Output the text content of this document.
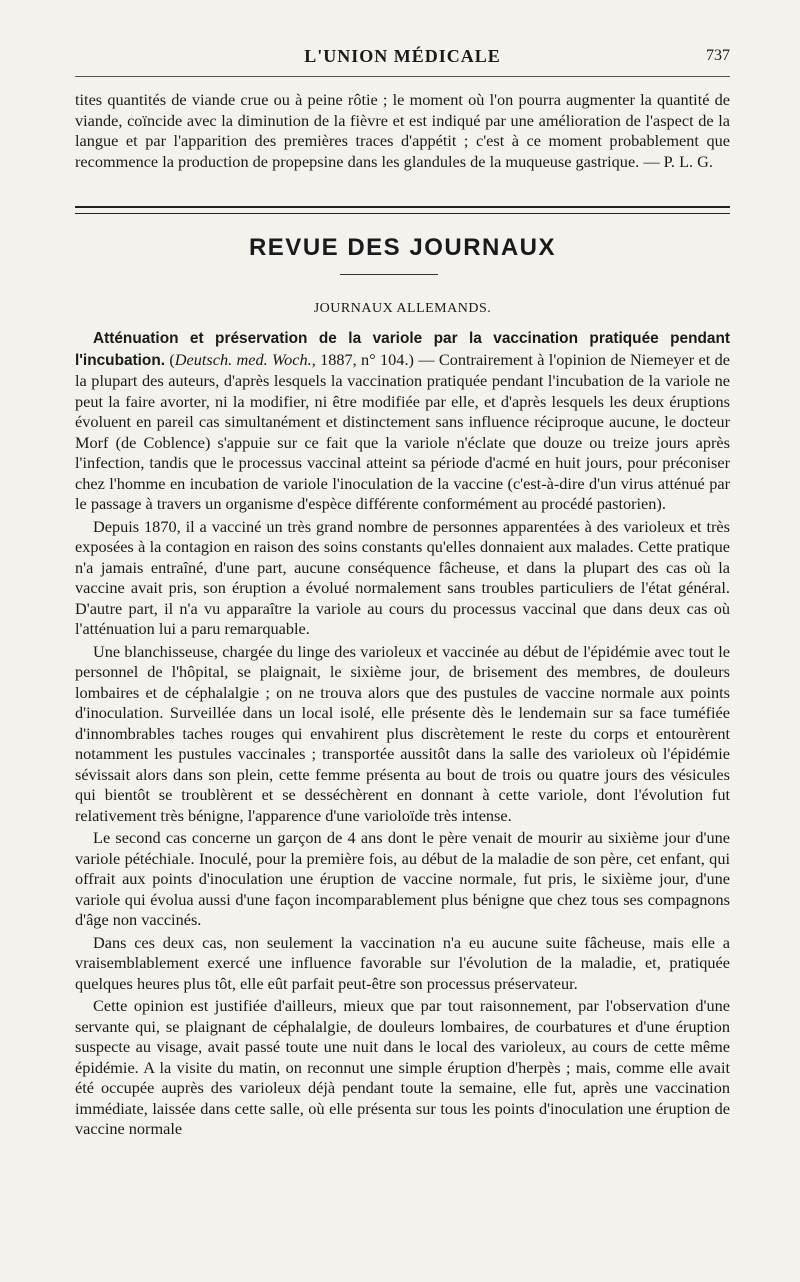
L'UNION MÉDICALE	737

tites quantités de viande crue ou à peine rôtie ; le moment où l'on pourra augmenter la quantité de viande, coïncide avec la diminution de la fièvre et est indiqué par une amélioration de l'aspect de la langue et par l'apparition des premières traces d'appétit ; c'est à ce moment probablement que recommence la production de propepsine dans les glandules de la muqueuse gastrique. — P. L. G.

REVUE DES JOURNAUX
JOURNAUX ALLEMANDS.

Atténuation et préservation de la variole par la vaccination pratiquée pendant l'incubation. (Deutsch. med. Woch., 1887, n° 104.) — Contrairement à l'opinion de Niemeyer et de la plupart des auteurs, d'après lesquels la vaccination pratiquée pendant l'incubation de la variole ne peut la faire avorter, ni la modifier, ni être modifiée par elle, et d'après lesquels les deux éruptions évoluent en pareil cas simultanément et distinctement sans influence réciproque aucune, le docteur Morf (de Coblence) s'appuie sur ce fait que la variole n'éclate que douze ou treize jours après l'infection, tandis que le processus vaccinal atteint sa période d'acmé en huit jours, pour préconiser chez l'homme en incubation de variole l'inoculation de la vaccine (c'est-à-dire d'un virus atténué par le passage à travers un organisme d'espèce différente conformément au procédé pastorien).

Depuis 1870, il a vacciné un très grand nombre de personnes apparentées à des varioleux et très exposées à la contagion en raison des soins constants qu'elles donnaient aux malades. Cette pratique n'a jamais entraîné, d'une part, aucune conséquence fâcheuse, et dans la plupart des cas où la vaccine avait pris, son éruption a évolué normalement sans troubles particuliers de l'état général. D'autre part, il n'a vu apparaître la variole au cours du processus vaccinal que dans deux cas où l'atténuation lui a paru remarquable.

Une blanchisseuse, chargée du linge des varioleux et vaccinée au début de l'épidémie avec tout le personnel de l'hôpital, se plaignait, le sixième jour, de brisement des membres, de douleurs lombaires et de céphalalgie ; on ne trouva alors que des pustules de vaccine normale aux points d'inoculation. Surveillée dans un local isolé, elle présente dès le lendemain sur sa face tuméfiée d'innombrables taches rouges qui envahirent plus discrètement le reste du corps et entourèrent notamment les pustules vaccinales ; transportée aussitôt dans la salle des varioleux où l'épidémie sévissait alors dans son plein, cette femme présenta au bout de trois ou quatre jours des vésicules qui bientôt se troublèrent et se desséchèrent en donnant à cette variole, dont l'évolution fut relativement très bénigne, l'apparence d'une varioloïde très intense.

Le second cas concerne un garçon de 4 ans dont le père venait de mourir au sixième jour d'une variole pétéchiale. Inoculé, pour la première fois, au début de la maladie de son père, cet enfant, qui offrait aux points d'inoculation une éruption de vaccine normale, fut pris, le sixième jour, d'une variole qui évolua aussi d'une façon incomparablement plus bénigne que chez tous ses compagnons d'âge non vaccinés.

Dans ces deux cas, non seulement la vaccination n'a eu aucune suite fâcheuse, mais elle a vraisemblablement exercé une influence favorable sur l'évolution de la maladie, et, pratiquée quelques heures plus tôt, elle eût parfait peut-être son processus préservateur.

Cette opinion est justifiée d'ailleurs, mieux que par tout raisonnement, par l'observation d'une servante qui, se plaignant de céphalalgie, de douleurs lombaires, de courbatures et d'une éruption suspecte au visage, avait passé toute une nuit dans le local des varioleux, au cours de cette même épidémie. A la visite du matin, on reconnut une simple éruption d'herpès ; mais, comme elle avait été occupée auprès des varioleux déjà pendant toute la semaine, elle fut, après une vaccination immédiate, laissée dans cette salle, où elle présenta sur tous les points d'inoculation une éruption de vaccine normale
